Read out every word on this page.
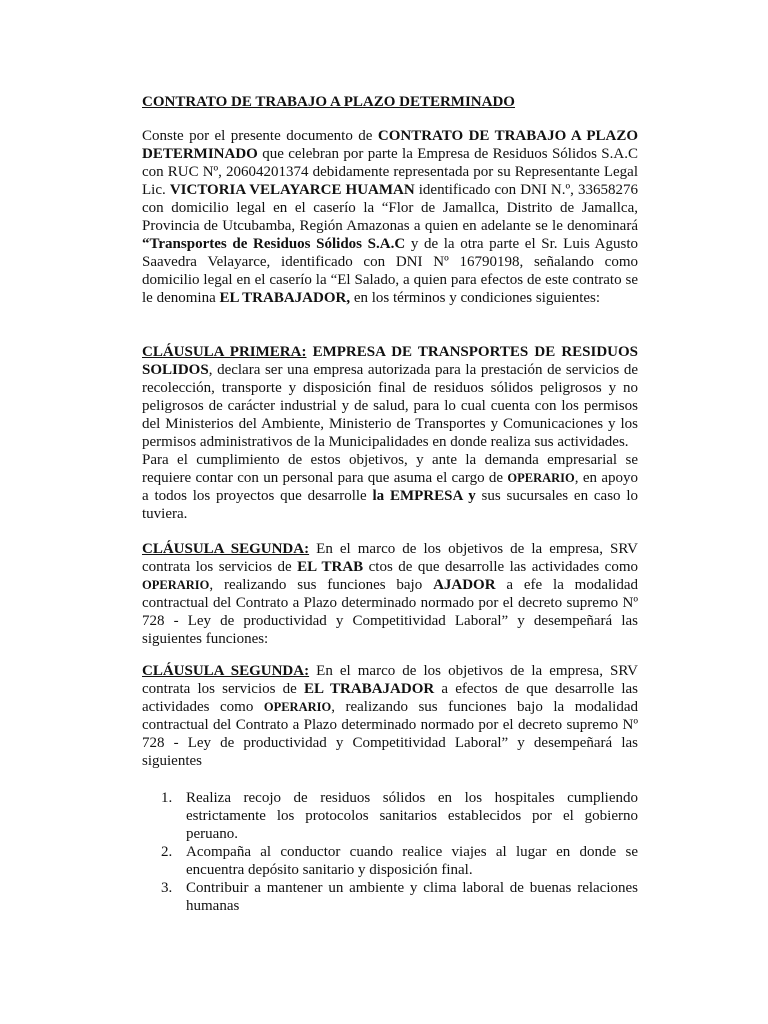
CONTRATO DE TRABAJO A PLAZO DETERMINADO

Conste por el presente documento de CONTRATO DE TRABAJO A PLAZO DETERMINADO que celebran por parte la Empresa de Residuos Sólidos S.A.C con RUC Nº, 20604201374 debidamente representada por su Representante Legal Lic. VICTORIA VELAYARCE HUAMAN identificado con DNI N.º, 33658276 con domicilio legal en el caserío la “Flor de Jamallca, Distrito de Jamallca, Provincia de Utcubamba, Región Amazonas a quien en adelante se le denominará “Transportes de Residuos Sólidos S.A.C y de la otra parte el Sr. Luis Agusto Saavedra Velayarce, identificado con DNI Nº 16790198, señalando como domicilio legal en el caserío la “El Salado, a quien para efectos de este contrato se le denomina EL TRABAJADOR, en los términos y condiciones siguientes:

CLÁUSULA PRIMERA: EMPRESA DE TRANSPORTES DE RESIDUOS SOLIDOS, declara ser una empresa autorizada para la prestación de servicios de recolección, transporte y disposición final de residuos sólidos peligrosos y no peligrosos de carácter industrial y de salud, para lo cual cuenta con los permisos del Ministerios del Ambiente, Ministerio de Transportes y Comunicaciones y los permisos administrativos de la Municipalidades en donde realiza sus actividades.

Para el cumplimiento de estos objetivos, y ante la demanda empresarial se requiere contar con un personal para que asuma el cargo de OPERARIO, en apoyo a todos los proyectos que desarrolle la EMPRESA y sus sucursales en caso lo tuviera.

CLÁUSULA SEGUNDA: En el marco de los objetivos de la empresa, SRV contrata los servicios de EL TRAB ctos de que desarrolle las actividades como OPERARIO, realizando sus funciones bajo AJADOR a efe la modalidad contractual del Contrato a Plazo determinado normado por el decreto supremo Nº 728 - Ley de productividad y Competitividad Laboral” y desempeñará las siguientes funciones:

CLÁUSULA SEGUNDA: En el marco de los objetivos de la empresa, SRV contrata los servicios de EL TRABAJADOR a efectos de que desarrolle las actividades como OPERARIO, realizando sus funciones bajo la modalidad contractual del Contrato a Plazo determinado normado por el decreto supremo Nº 728 - Ley de productividad y Competitividad Laboral” y desempeñará las siguientes

1. Realiza recojo de residuos sólidos en los hospitales cumpliendo estrictamente los protocolos sanitarios establecidos por el gobierno peruano.
2. Acompaña al conductor cuando realice viajes al lugar en donde se encuentra depósito sanitario y disposición final.
3. Contribuir a mantener un ambiente y clima laboral de buenas relaciones humanas
